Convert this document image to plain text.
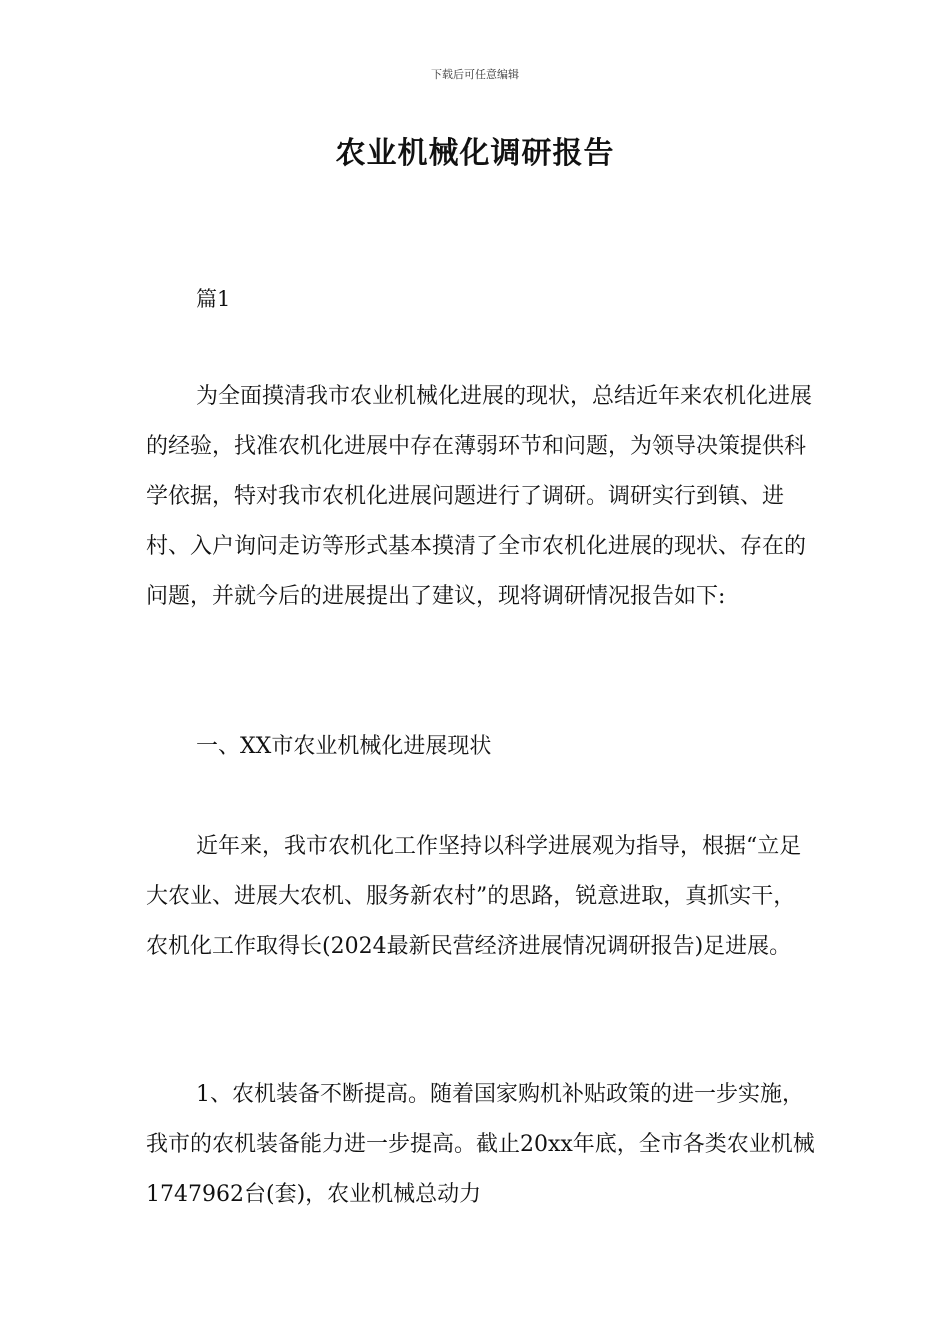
下载后可任意编辑
农业机械化调研报告
篇1

为全面摸清我市农业机械化进展的现状，总结近年来农机化进展的经验，找准农机化进展中存在薄弱环节和问题，为领导决策提供科学依据，特对我市农机化进展问题进行了调研。调研实行到镇、进村、入户询问走访等形式基本摸清了全市农机化进展的现状、存在的问题，并就今后的进展提出了建议，现将调研情况报告如下:

一、XX市农业机械化进展现状

近年来，我市农机化工作坚持以科学进展观为指导，根据“立足大农业、进展大农机、服务新农村”的思路，锐意进取，真抓实干，农机化工作取得长(2024最新民营经济进展情况调研报告)足进展。

1、农机装备不断提高。随着国家购机补贴政策的进一步实施，我市的农机装备能力进一步提高。截止20xx年底，全市各类农业机械1747962台(套)，农业机械总动力
